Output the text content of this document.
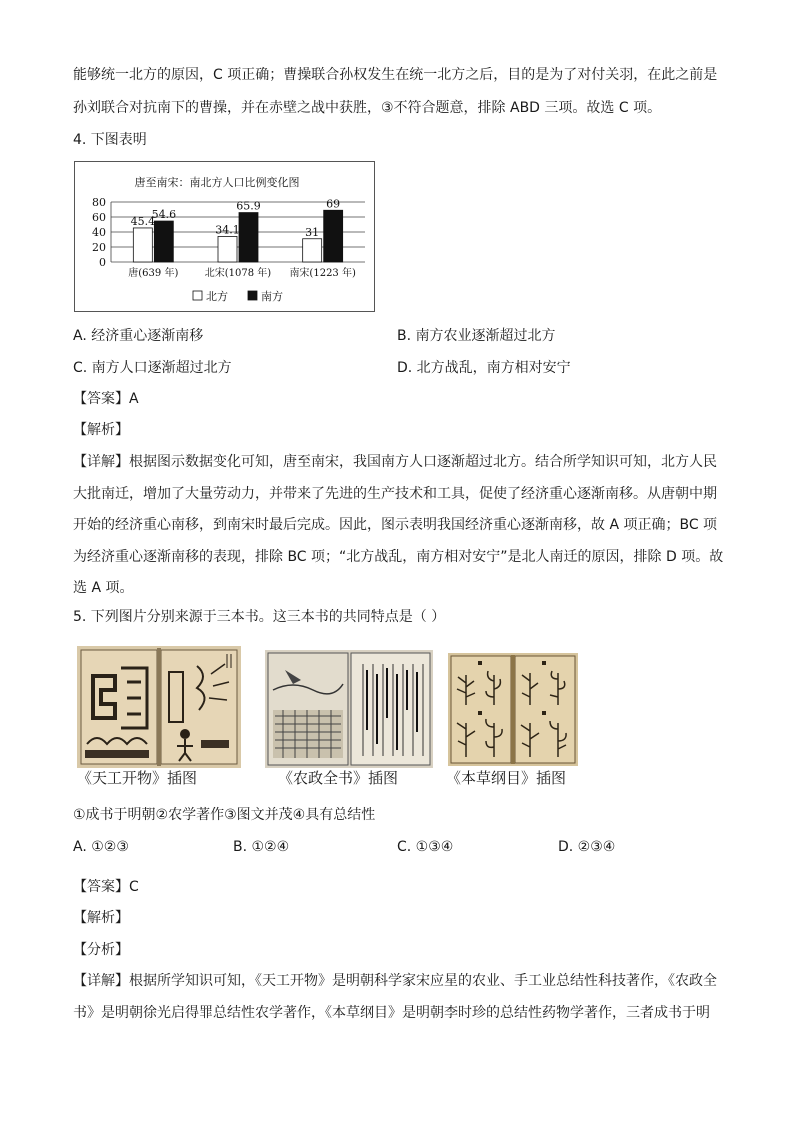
能够统一北方的原因，C 项正确；曹操联合孙权发生在统一北方之后，目的是为了对付关羽，在此之前是
孙刘联合对抗南下的曹操，并在赤壁之战中获胜，③不符合题意，排除 ABD 三项。故选 C 项。
4. 下图表明
唐至南宋：南北方人口比例变化图
0
20
40
60
80
45.4
54.6
34.1
65.9
31
69
唐(639 年)	北宋(1078 年) 南宋(1223 年)
北方	南方
A. 经济重心逐渐南移	B. 南方农业逐渐超过北方
C. 南方人口逐渐超过北方	D. 北方战乱，南方相对安宁
【答案】A
【解析】
【详解】根据图示数据变化可知，唐至南宋，我国南方人口逐渐超过北方。结合所学知识可知，北方人民
大批南迁，增加了大量劳动力，并带来了先进的生产技术和工具，促使了经济重心逐渐南移。从唐朝中期
开始的经济重心南移，到南宋时最后完成。因此，图示表明我国经济重心逐渐南移，故 A 项正确；BC 项
为经济重心逐渐南移的表现，排除 BC 项；“北方战乱，南方相对安宁”是北人南迁的原因，排除 D 项。故
选 A 项。
5. 下列图片分别来源于三本书。这三本书的共同特点是（ ）
《天工开物》插图	《农政全书》插图	《本草纲目》插图
①成书于明朝②农学著作③图文并茂④具有总结性
A. ①②③	B. ①②④	C. ①③④	D. ②③④
【答案】C
【解析】
【分析】
【详解】根据所学知识可知，《天工开物》是明朝科学家宋应星的农业、手工业总结性科技著作，《农政全
书》是明朝徐光启得罪总结性农学著作，《本草纲目》是明朝李时珍的总结性药物学著作，三者成书于明
